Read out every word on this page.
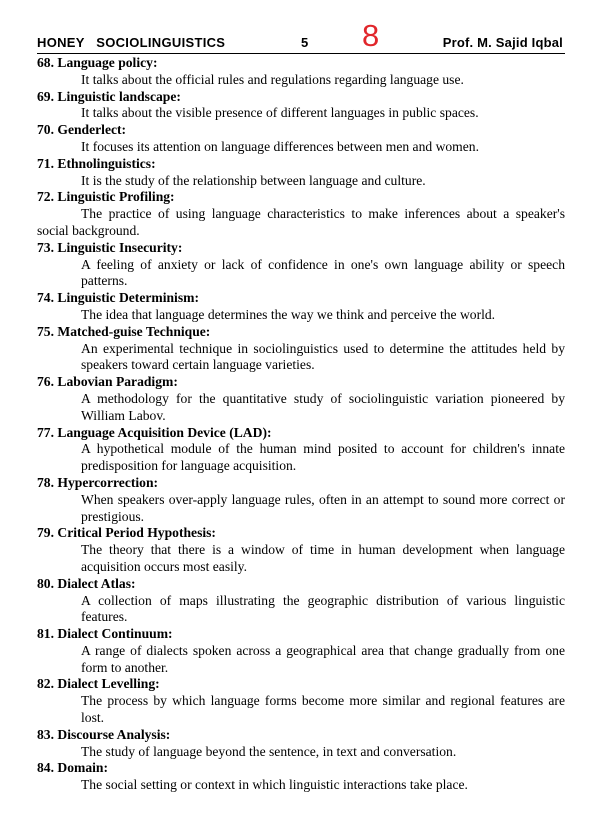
HONEY   SOCIOLINGUISTICS	5 8	Prof. M. Sajid Iqbal
68. Language policy:
It talks about the official rules and regulations regarding language use.
69. Linguistic landscape:
It talks about the visible presence of different languages in public spaces.
70. Genderlect:
It focuses its attention on language differences between men and women.
71. Ethnolinguistics:
It is the study of the relationship between language and culture.
72. Linguistic Profiling:
The practice of using language characteristics to make inferences about a speaker's social background.
73. Linguistic Insecurity:
A feeling of anxiety or lack of confidence in one's own language ability or speech patterns.
74. Linguistic Determinism:
The idea that language determines the way we think and perceive the world.
75. Matched-guise Technique:
An experimental technique in sociolinguistics used to determine the attitudes held by speakers toward certain language varieties.
76. Labovian Paradigm:
A methodology for the quantitative study of sociolinguistic variation pioneered by William Labov.
77. Language Acquisition Device (LAD):
A hypothetical module of the human mind posited to account for children's innate predisposition for language acquisition.
78. Hypercorrection:
When speakers over-apply language rules, often in an attempt to sound more correct or prestigious.
79. Critical Period Hypothesis:
The theory that there is a window of time in human development when language acquisition occurs most easily.
80. Dialect Atlas:
A collection of maps illustrating the geographic distribution of various linguistic features.
81. Dialect Continuum:
A range of dialects spoken across a geographical area that change gradually from one form to another.
82. Dialect Levelling:
The process by which language forms become more similar and regional features are lost.
83. Discourse Analysis:
The study of language beyond the sentence, in text and conversation.
84. Domain:
The social setting or context in which linguistic interactions take place.
